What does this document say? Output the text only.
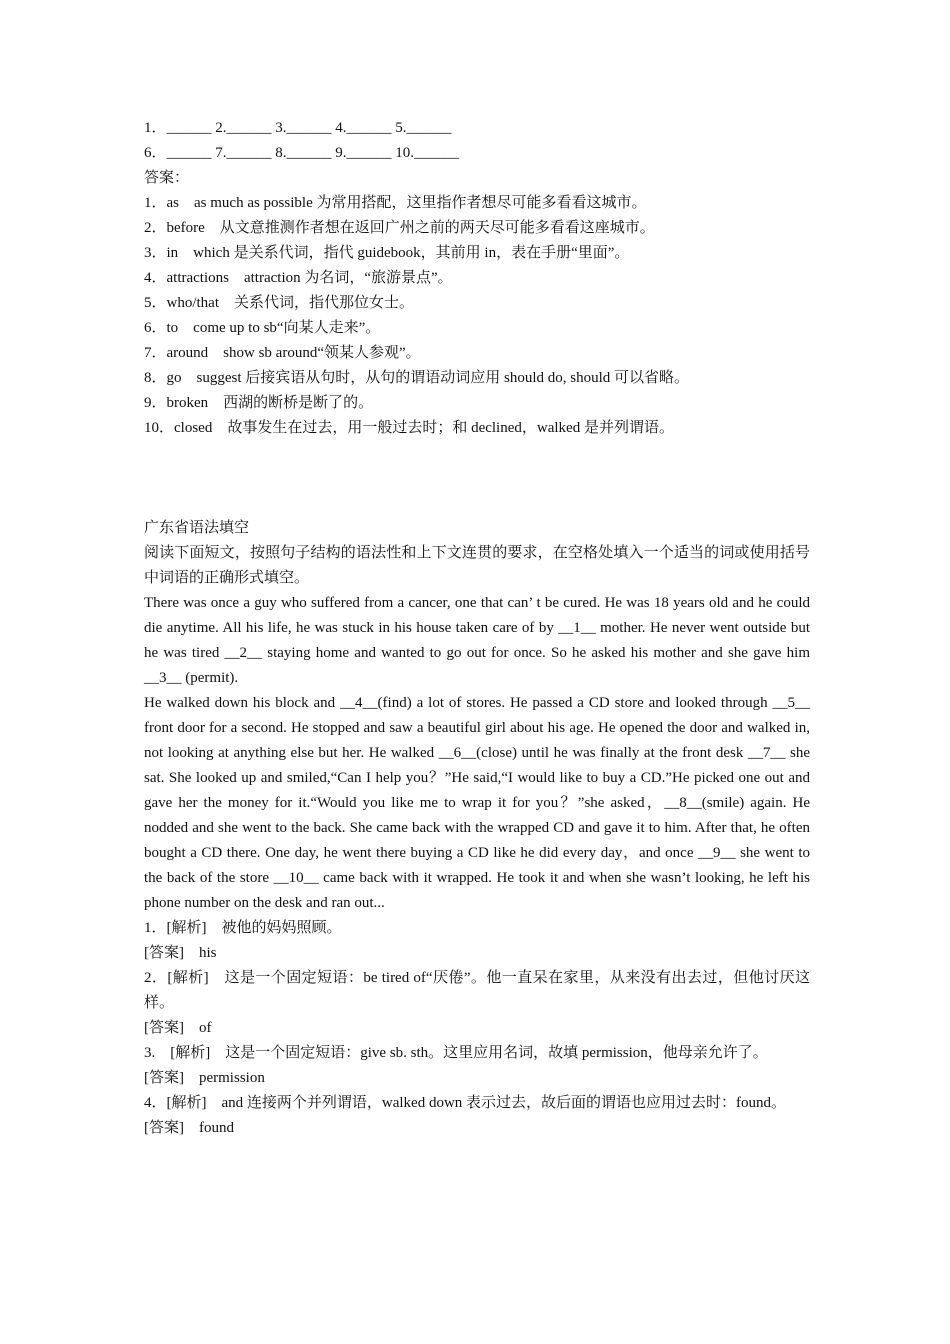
1．______ 2.______ 3.______ 4.______ 5.______
6．______ 7.______ 8.______ 9.______ 10.______
答案：
1．as　as much as possible 为常用搭配，这里指作者想尽可能多看看这城市。
2．before　从文意推测作者想在返回广州之前的两天尽可能多看看这座城市。
3．in　which 是关系代词，指代 guidebook，其前用 in，表在手册“里面”。
4．attractions　attraction 为名词，“旅游景点”。
5．who/that　关系代词，指代那位女士。
6．to　come up to sb“向某人走来”。
7．around　show sb around“领某人参观”。
8．go　suggest 后接宾语从句时，从句的谓语动词应用 should do, should 可以省略。
9．broken　西湖的断桥是断了的。
10．closed　故事发生在过去，用一般过去时；和 declined，walked 是并列谓语。
广东省语法填空

阅读下面短文，按照句子结构的语法性和上下文连贯的要求，在空格处填入一个适当的词或使用括号中词语的正确形式填空。

There was once a guy who suffered from a cancer, one that can’ t be cured. He was 18 years old and he could die anytime. All his life, he was stuck in his house taken care of by __1__ mother. He never went outside but he was tired __2__ staying home and wanted to go out for once. So he asked his mother and she gave him __3__ (permit).

He walked down his block and __4__(find) a lot of stores. He passed a CD store and looked through __5__ front door for a second. He stopped and saw a beautiful girl about his age. He opened the door and walked in, not looking at anything else but her. He walked __6__(close) until he was finally at the front desk __7__ she sat. She looked up and smiled,“Can I help you？”He said,“I would like to buy a CD.”He picked one out and gave her the money for it.“Would you like me to wrap it for you？”she asked，__8__(smile) again. He nodded and she went to the back. She came back with the wrapped CD and gave it to him. After that, he often bought a CD there. One day, he went there buying a CD like he did every day，and once __9__ she went to the back of the store __10__ came back with it wrapped. He took it and when she wasn’t looking, he left his phone number on the desk and ran out...

1．[解析]　被他的妈妈照顾。

[答案]　his

2．[解析]　这是一个固定短语：be tired of“厌倦”。他一直呆在家里，从来没有出去过，但他讨厌这样。

[答案]　of

3.　[解析]　这是一个固定短语：give sb. sth。这里应用名词，故填 permission，他母亲允许了。

[答案]　permission

4．[解析]　and 连接两个并列谓语，walked down 表示过去，故后面的谓语也应用过去时：found。

[答案]　found
